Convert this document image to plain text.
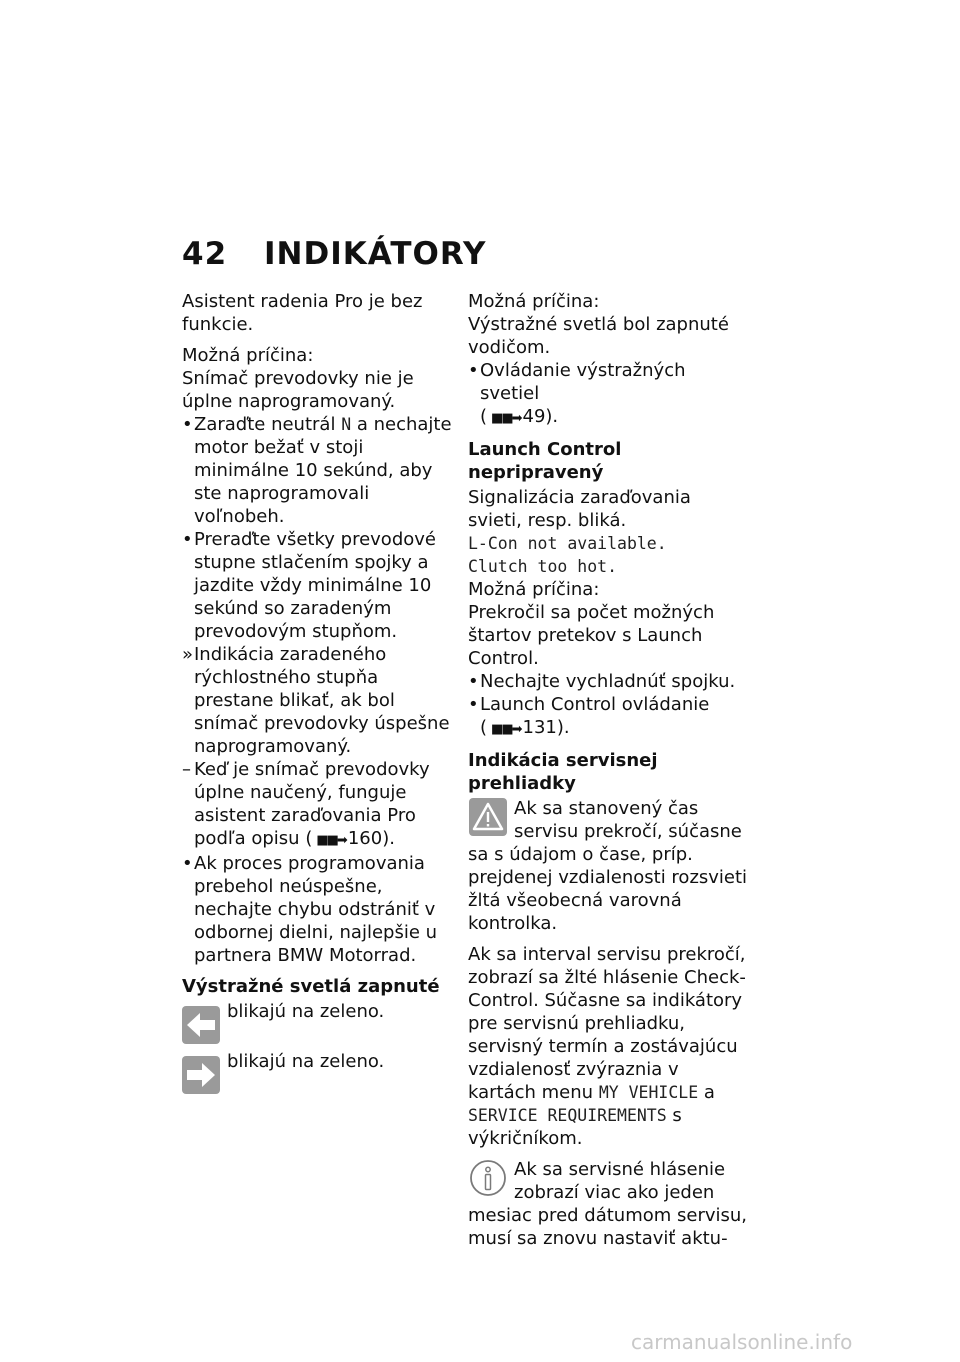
42 INDIKÁTORY

Asistent radenia Pro je bez funkcie.

Možná príčina:
Snímač prevodovky nie je úplne naprogramovaný.
• Zaraďte neutrál N a nechajte motor bežať v stoji minimálne 10 sekúnd, aby ste naprogramovali voľnobeh.
• Preraďte všetky prevodové stupne stlačením spojky a jazdite vždy minimálne 10 sekúnd so zaradeným prevodovým stupňom.
» Indikácia zaradeného rýchlostného stupňa prestane blikať, ak bol snímač prevodovky úspešne naprogramovaný.
– Keď je snímač prevodovky úplne naučený, funguje asistent zaraďovania Pro podľa opisu ( ■■➡ 160).
• Ak proces programovania prebehol neúspešne, nechajte chybu odstrániť v odbornej dielni, najlepšie u partnera BMW Motorrad.
Výstražné svetlá zapnuté
blikajú na zeleno.
blikajú na zeleno.
Možná príčina:
Výstražné svetlá bol zapnuté vodičom.
• Ovládanie výstražných svetiel
( ■■➡ 49).
Launch Control nepripravený
Signalizácia zaraďovania svieti, resp. bliká.
L-Con not available.
Clutch too hot.
Možná príčina:
Prekročil sa počet možných štartov pretekov s Launch Control.
• Nechajte vychladnúť spojku.
• Launch Control ovládanie
( ■■➡ 131).
Indikácia servisnej prehliadky

Ak sa stanovený čas servisu prekročí, súčasne sa s údajom o čase, príp. prejdenej vzdialenosti rozsvieti žltá všeobecná varovná kontrolka.

Ak sa interval servisu prekročí, zobrazí sa žlté hlásenie Check-Control. Súčasne sa indikátory pre servisnú prehliadku, servisný termín a zostávajúcu vzdialenosť zvýraznia v kartách menu MY VEHICLE a SERVICE REQUIREMENTS s výkričníkom.

Ak sa servisné hlásenie zobrazí viac ako jeden mesiac pred dátumom servisu, musí sa znovu nastaviť aktu-

carmanualsonline.info
